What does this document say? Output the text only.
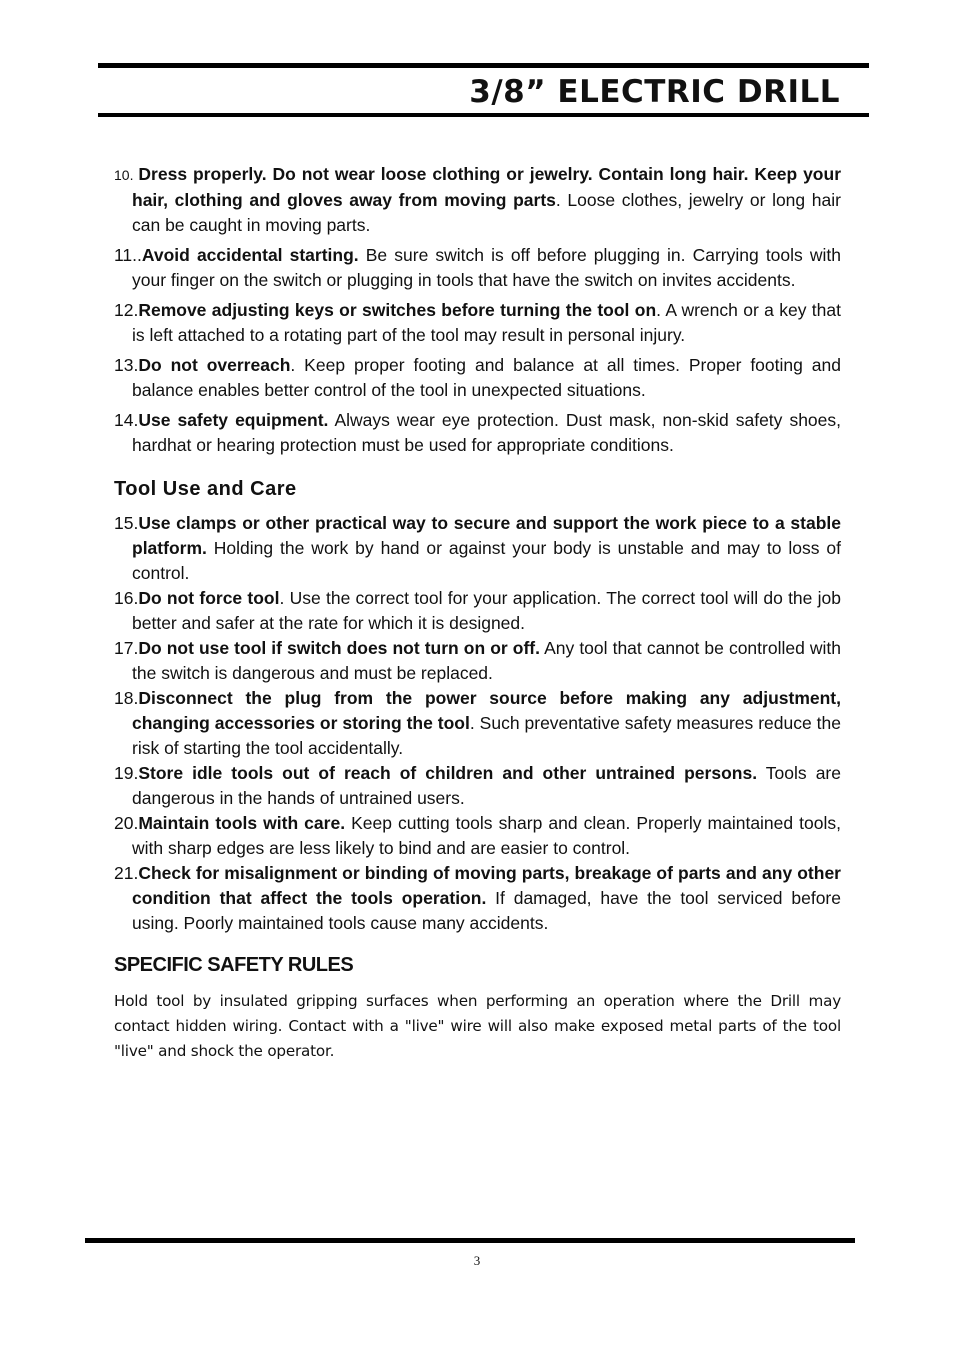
3/8” ELECTRIC DRILL
10. Dress properly. Do not wear loose clothing or jewelry. Contain long hair. Keep your hair, clothing and gloves away from moving parts. Loose clothes, jewelry or long hair can be caught in moving parts.
11..Avoid accidental starting. Be sure switch is off before plugging in. Carrying tools with your finger on the switch or plugging in tools that have the switch on invites accidents.
12.Remove adjusting keys or switches before turning the tool on. A wrench or a key that is left attached to a rotating part of the tool may result in personal injury.
13.Do not overreach. Keep proper footing and balance at all times. Proper footing and balance enables better control of the tool in unexpected situations.
14.Use safety equipment. Always wear eye protection. Dust mask, non-skid safety shoes, hardhat or hearing protection must be used for appropriate conditions.
Tool Use and Care
15.Use clamps or other practical way to secure and support the work piece to a stable platform. Holding the work by hand or against your body is unstable and may to loss of control.
16.Do not force tool. Use the correct tool for your application. The correct tool will do the job better and safer at the rate for which it is designed.
17.Do not use tool if switch does not turn on or off. Any tool that cannot be controlled with the switch is dangerous and must be replaced.
18.Disconnect the plug from the power source before making any adjustment, changing accessories or storing the tool. Such preventative safety measures reduce the risk of starting the tool accidentally.
19.Store idle tools out of reach of children and other untrained persons. Tools are dangerous in the hands of untrained users.
20.Maintain tools with care. Keep cutting tools sharp and clean. Properly maintained tools, with sharp edges are less likely to bind and are easier to control.
21.Check for misalignment or binding of moving parts, breakage of parts and any other condition that affect the tools operation. If damaged, have the tool serviced before using. Poorly maintained tools cause many accidents.
SPECIFIC SAFETY RULES

Hold tool by insulated gripping surfaces when performing an operation where the Drill may contact hidden wiring. Contact with a "live" wire will also make exposed metal parts of the tool "live" and shock the operator.

3
